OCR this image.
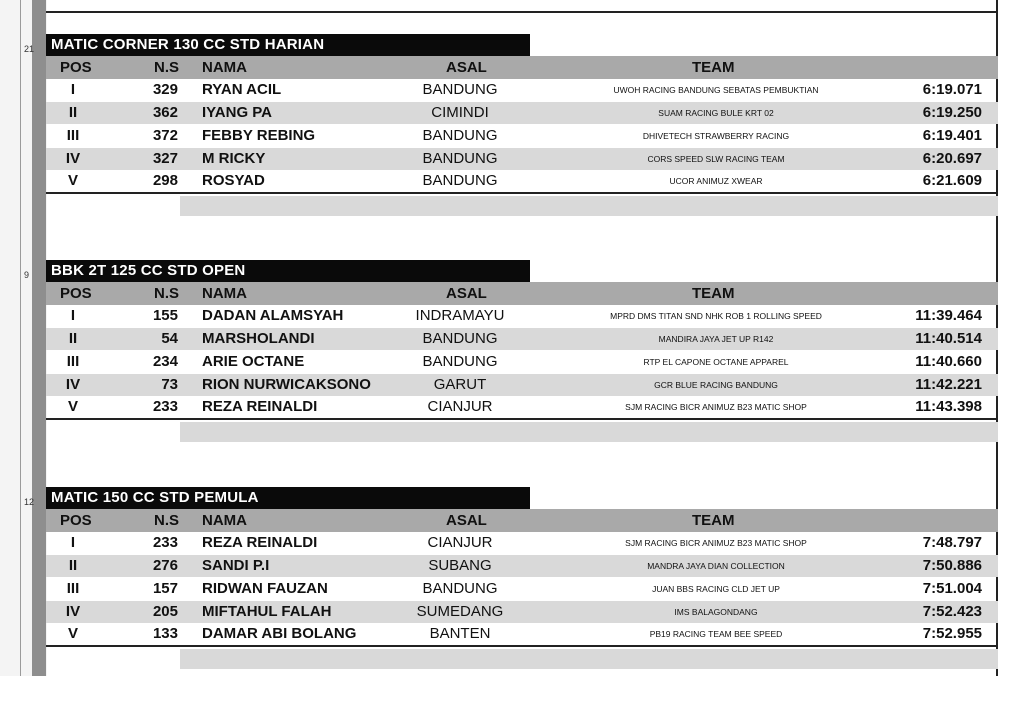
21	MATIC CORNER 130 CC STD HARIAN
POS	N.S NAMA	ASAL	TEAM
I	329 RYAN ACIL	BANDUNG	UWOH RACING BANDUNG SEBATAS PEMBUKTIAN	6:19.071
II	362 IYANG PA	CIMINDI	SUAM RACING BULE KRT 02	6:19.250
III	372 FEBBY REBING	BANDUNG	DHIVETECH STRAWBERRY RACING	6:19.401
IV	327 M RICKY	BANDUNG	CORS SPEED SLW RACING TEAM	6:20.697
V	298 ROSYAD	BANDUNG	UCOR ANIMUZ XWEAR	6:21.609
9	BBK 2T 125 CC STD OPEN
POS	N.S NAMA	ASAL	TEAM
I	155 DADAN ALAMSYAH	INDRAMAYU	MPRD DMS TITAN SND NHK ROB 1 ROLLING SPEED	11:39.464
II	54 MARSHOLANDI	BANDUNG	MANDIRA JAYA JET UP R142	11:40.514
III	234 ARIE OCTANE	BANDUNG	RTP EL CAPONE OCTANE APPAREL	11:40.660
IV	73 RION NURWICAKSONO	GARUT	GCR BLUE RACING BANDUNG	11:42.221
V	233 REZA REINALDI	CIANJUR	SJM RACING BICR ANIMUZ B23 MATIC SHOP	11:43.398
12	MATIC 150 CC STD PEMULA
POS	N.S NAMA	ASAL	TEAM
I	233 REZA REINALDI	CIANJUR	SJM RACING BICR ANIMUZ B23 MATIC SHOP	7:48.797
II	276 SANDI P.I	SUBANG	MANDRA JAYA DIAN COLLECTION	7:50.886
III	157 RIDWAN FAUZAN	BANDUNG	JUAN BBS RACING CLD JET UP	7:51.004
IV	205 MIFTAHUL FALAH	SUMEDANG	IMS BALAGONDANG	7:52.423
V	133 DAMAR ABI BOLANG	BANTEN	PB19 RACING TEAM BEE SPEED	7:52.955
